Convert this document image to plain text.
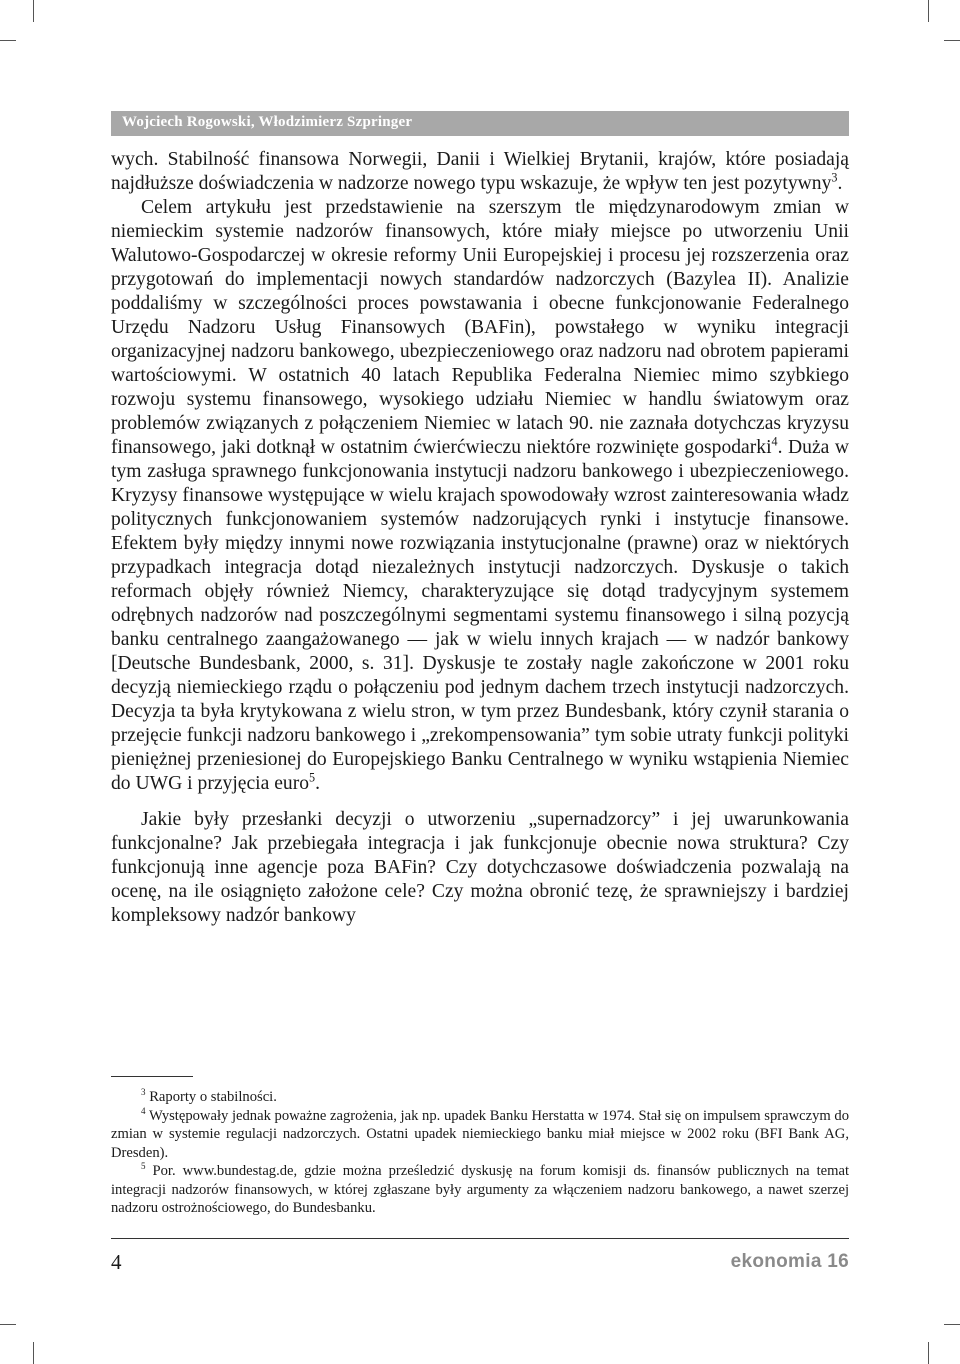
Wojciech Rogowski, Włodzimierz Szpringer

wych. Stabilność finansowa Norwegii, Danii i Wielkiej Brytanii, krajów, które posiadają najdłuższe doświadczenia w nadzorze nowego typu wskazuje, że wpływ ten jest pozytywny$^3$.

Celem artykułu jest przedstawienie na szerszym tle międzynarodowym zmian w niemieckim systemie nadzorów finansowych, które miały miejsce po utworzeniu Unii Walutowo-Gospodarczej w okresie reformy Unii Europejskiej i procesu jej rozszerzenia oraz przygotowań do implementacji nowych standardów nadzorczych (Bazylea II). Analizie poddaliśmy w szczególności proces powstawania i obecne funkcjonowanie Federalnego Urzędu Nadzoru Usług Finansowych (BAFin), powstałego w wyniku integracji organizacyjnej nadzoru bankowego, ubezpieczeniowego oraz nadzoru nad obrotem papierami wartościowymi. W ostatnich 40 latach Republika Federalna Niemiec mimo szybkiego rozwoju systemu finansowego, wysokiego udziału Niemiec w handlu światowym oraz problemów związanych z połączeniem Niemiec w latach 90. nie zaznała dotychczas kryzysu finansowego, jaki dotknął w ostatnim ćwierćwieczu niektóre rozwinięte gospodarki$^4$. Duża w tym zasługa sprawnego funkcjonowania instytucji nadzoru bankowego i ubezpieczeniowego. Kryzysy finansowe występujące w wielu krajach spowodowały wzrost zainteresowania władz politycznych funkcjonowaniem systemów nadzorujących rynki i instytucje finansowe. Efektem były między innymi nowe rozwiązania instytucjonalne (prawne) oraz w niektórych przypadkach integracja dotąd niezależnych instytucji nadzorczych. Dyskusje o takich reformach objęły również Niemcy, charakteryzujące się dotąd tradycyjnym systemem odrębnych nadzorów nad poszczególnymi segmentami systemu finansowego i silną pozycją banku centralnego zaangażowanego — jak w wielu innych krajach — w nadzór bankowy [Deutsche Bundesbank, 2000, s. 31]. Dyskusje te zostały nagle zakończone w 2001 roku decyzją niemieckiego rządu o połączeniu pod jednym dachem trzech instytucji nadzorczych. Decyzja ta była krytykowana z wielu stron, w tym przez Bundesbank, który czynił starania o przejęcie funkcji nadzoru bankowego i „zrekompensowania” tym sobie utraty funkcji polityki pieniężnej przeniesionej do Europejskiego Banku Centralnego w wyniku wstąpienia Niemiec do UWG i przyjęcia euro$^5$.

Jakie były przesłanki decyzji o utworzeniu „supernadzorcy” i jej uwarunkowania funkcjonalne? Jak przebiegała integracja i jak funkcjonuje obecnie nowa struktura? Czy funkcjonują inne agencje poza BAFin? Czy dotychczasowe doświadczenia pozwalają na ocenę, na ile osiągnięto założone cele? Czy można obronić tezę, że sprawniejszy i bardziej kompleksowy nadzór bankowy

$^3$ Raporty o stabilności.

$^4$ Występowały jednak poważne zagrożenia, jak np. upadek Banku Herstatta w 1974. Stał się on impulsem sprawczym do zmian w systemie regulacji nadzorczych. Ostatni upadek niemieckiego banku miał miejsce w 2002 roku (BFI Bank AG, Dresden).

$^5$ Por. www.bundestag.de, gdzie można prześledzić dyskusję na forum komisji ds. finansów publicznych na temat integracji nadzorów finansowych, w której zgłaszane były argumenty za włączeniem nadzoru bankowego, a nawet szerzej nadzoru ostrożnościowego, do Bundesbanku.

4	ekonomia 16
